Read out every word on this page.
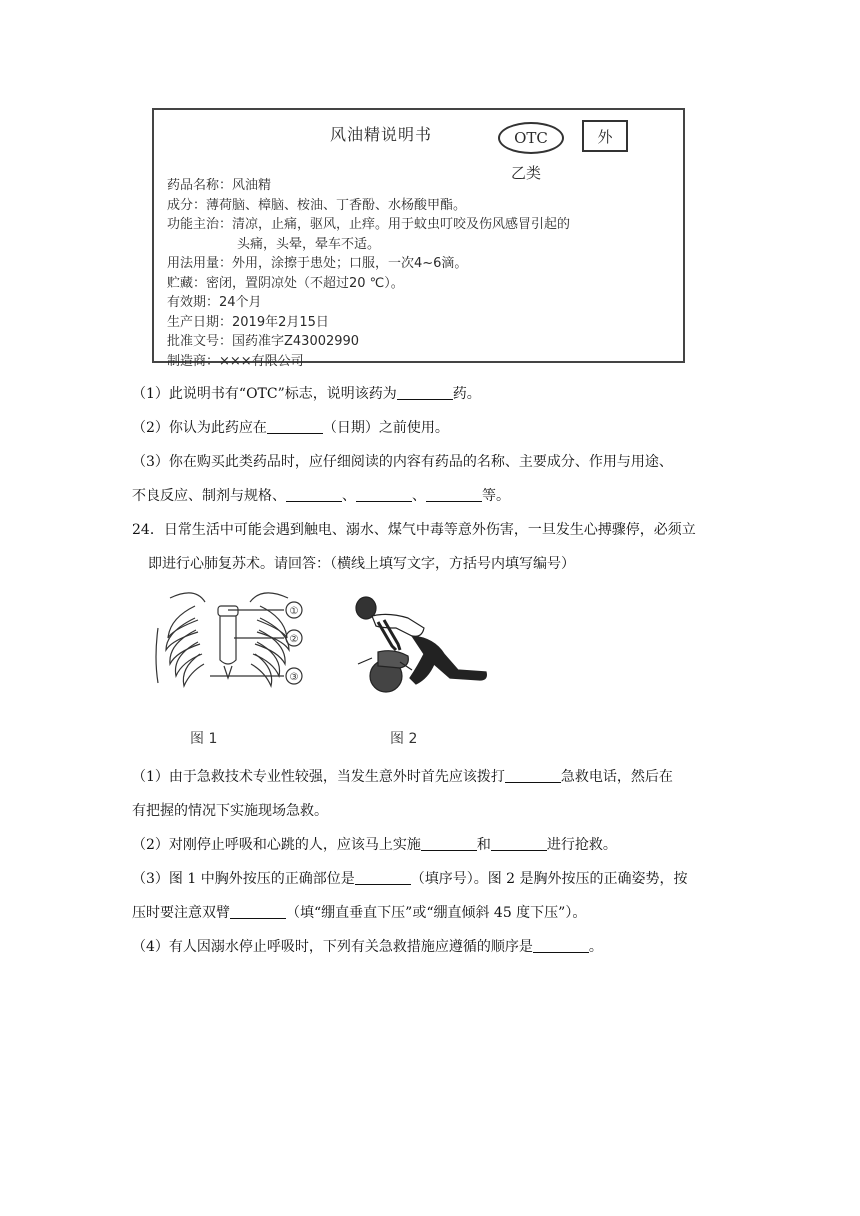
风油精说明书	OTC	外
乙类
药品名称：风油精
成分：薄荷脑、樟脑、桉油、丁香酚、水杨酸甲酯。
功能主治：清凉，止痛，驱风，止痒。用于蚊虫叮咬及伤风感冒引起的
头痛，头晕，晕车不适。
用法用量：外用，涂擦于患处；口服，一次4~6滴。
贮藏：密闭，置阴凉处（不超过20 ℃）。
有效期：24个月
生产日期：2019年2月15日
批准文号：国药准字Z43002990
制造商：×××有限公司
（1）此说明书有“OTC”标志，说明该药为	药。
（2）你认为此药应在	（日期）之前使用。
（3）你在购买此类药品时，应仔细阅读的内容有药品的名称、主要成分、作用与用途、
不良反应、制剂与规格、	、	、	等。
24．日常生活中可能会遇到触电、溺水、煤气中毒等意外伤害，一旦发生心搏骤停，必须立
即进行心肺复苏术。请回答：（横线上填写文字，方括号内填写编号）
①
②
③
图 1	图 2
（1）由于急救技术专业性较强，当发生意外时首先应该拨打	急救电话，然后在
有把握的情况下实施现场急救。
（2）对刚停止呼吸和心跳的人，应该马上实施	和	进行抢救。
（3）图 1 中胸外按压的正确部位是	（填序号）。图 2 是胸外按压的正确姿势，按
压时要注意双臂	（填“绷直垂直下压”或“绷直倾斜 45 度下压”）。
（4）有人因溺水停止呼吸时，下列有关急救措施应遵循的顺序是	。
